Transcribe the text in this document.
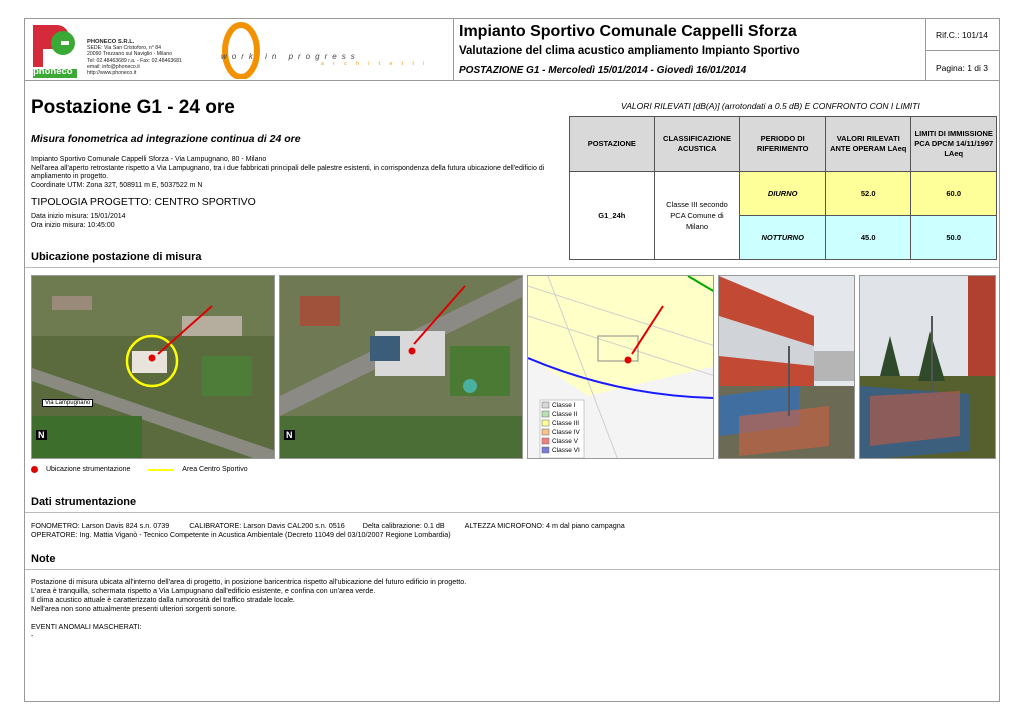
phoneco
PHONECO S.R.L.
SEDE: Via San Cristoforo, n° 84
20090 Trezzano sul Naviglio - Milano
Tel: 02.48463689 r.a. - Fax: 02.48463681
email: info@phoneco.it
http://www.phoneco.it
work in progress
a r c h i t e t t i
Impianto Sportivo Comunale Cappelli Sforza
Valutazione del clima acustico ampliamento Impianto Sportivo
POSTAZIONE G1 - Mercoledì 15/01/2014 - Giovedì 16/01/2014
Rif.C.: 101/14
Pagina: 1 di 3
Postazione G1 - 24 ore
Misura fonometrica ad integrazione continua di 24 ore
Impianto Sportivo Comunale Cappelli Sforza - Via Lampugnano, 80 - Milano
Nell'area all'aperto retrostante rispetto a Via Lampugnano, tra i due fabbricati principali delle palestre esistenti, in corrispondenza della futura ubicazione dell'edificio di ampliamento in progetto.
Coordinate UTM: Zona 32T, 508911 m E, 5037522 m N
TIPOLOGIA PROGETTO: CENTRO SPORTIVO
Data inizio misura: 15/01/2014
Ora inizio misura: 10:45:00
VALORI RILEVATI [dB(A)] (arrotondati a 0.5 dB) E CONFRONTO CON I LIMITI
POSTAZIONE	CLASSIFICAZIONE ACUSTICA	PERIODO DI RIFERIMENTO	VALORI RILEVATI ANTE OPERAM LAeq	LIMITI DI IMMISSIONE PCA DPCM 14/11/1997 LAeq
G1_24h	Classe III secondo PCA Comune di Milano	DIURNO	52.0	60.0
		NOTTURNO	45.0	50.0
Ubicazione postazione di misura
Via Lampugnano
N	N
Classe I
Classe II
Classe III
Classe IV
Classe V
Classe VI
Ubicazione strumentazione	Area Centro Sportivo
Dati strumentazione
FONOMETRO: Larson Davis 824 s.n. 0739	CALIBRATORE: Larson Davis CAL200 s.n. 0516	Delta calibrazione: 0.1 dB	ALTEZZA MICROFONO: 4 m dal piano campagna
OPERATORE: Ing. Mattia Viganò - Tecnico Competente in Acustica Ambientale (Decreto 11049 del 03/10/2007 Regione Lombardia)
Note
Postazione di misura ubicata all'interno dell'area di progetto, in posizione baricentrica rispetto all'ubicazione del futuro edificio in progetto.
L'area è tranquilla, schermata rispetto a Via Lampugnano dall'edificio esistente, e confina con un'area verde.
Il clima acustico attuale è caratterizzato dalla rumorosità del traffico stradale locale.
Nell'area non sono attualmente presenti ulteriori sorgenti sonore.
EVENTI ANOMALI MASCHERATI:
-
